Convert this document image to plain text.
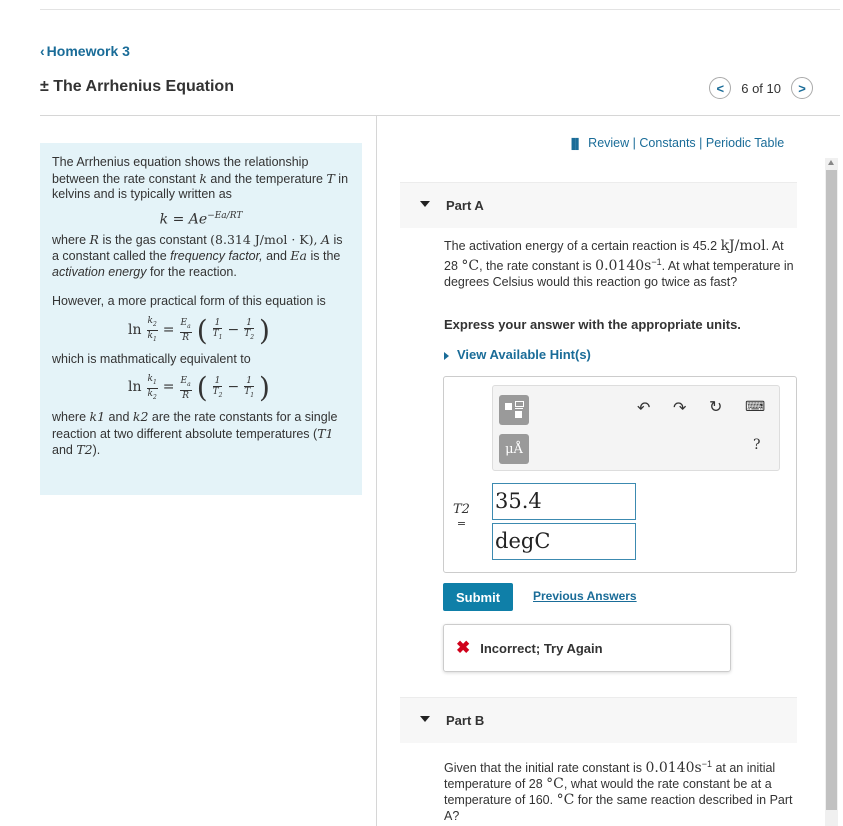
‹ Homework 3
± The Arrhenius Equation	< 6 of 10 >

The Arrhenius equation shows the relationship between the rate constant k and the temperature T in kelvins and is typically written as

$k = Ae^{-Ea/RT}$

where R is the gas constant (8.314 J/mol · K), A is a constant called the frequency factor, and Ea is the activation energy for the reaction.

However, a more practical form of this equation is

$\ln \frac{k_2}{k_1} = \frac{E_a}{R}$ ( $\frac{1}{T_1} - \frac{1}{T_2}$ )

which is mathmatically equivalent to

$\ln \frac{k_1}{k_2} = \frac{E_a}{R}$ ( $\frac{1}{T_2} - \frac{1}{T_1}$ )

where k1 and k2 are the rate constants for a single reaction at two different absolute temperatures (T1 and T2).

▐▌ Review | Constants | Periodic Table
Part A
The activation energy of a certain reaction is 45.2 kJ/mol. At 28 °C, the rate constant is $0.0140s^{-1}$. At what temperature in degrees Celsius would this reaction go twice as fast?
Express your answer with the appropriate units.
View Available Hint(s)
μÅ
↶ ↷ ↻ ⌨
?
T2
=
35.4
degC
Submit	Previous Answers
✖ Incorrect; Try Again
Part B
Given that the initial rate constant is $0.0140s^{-1}$ at an initial temperature of 28 °C, what would the rate constant be at a temperature of 160. °C for the same reaction described in Part A?
